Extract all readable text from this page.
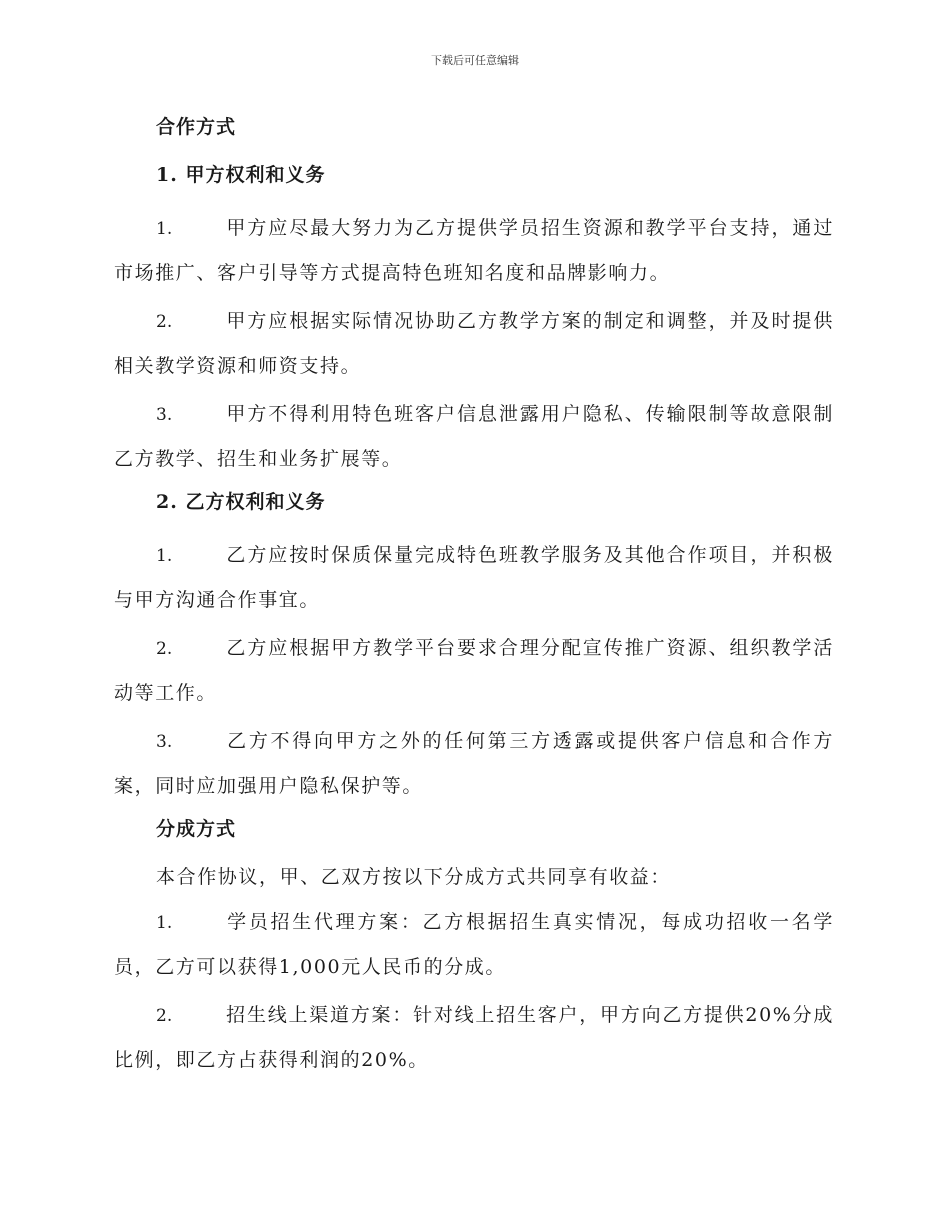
下载后可任意编辑
合作方式
1. 甲方权利和义务
1.	甲方应尽最大努力为乙方提供学员招生资源和教学平台支持，通过市场推广、客户引导等方式提高特色班知名度和品牌影响力。
2.	甲方应根据实际情况协助乙方教学方案的制定和调整，并及时提供相关教学资源和师资支持。
3.	甲方不得利用特色班客户信息泄露用户隐私、传输限制等故意限制乙方教学、招生和业务扩展等。
2. 乙方权利和义务
1.	乙方应按时保质保量完成特色班教学服务及其他合作项目，并积极与甲方沟通合作事宜。
2.	乙方应根据甲方教学平台要求合理分配宣传推广资源、组织教学活动等工作。
3.	乙方不得向甲方之外的任何第三方透露或提供客户信息和合作方案，同时应加强用户隐私保护等。
分成方式
本合作协议，甲、乙双方按以下分成方式共同享有收益：
1.	学员招生代理方案：乙方根据招生真实情况，每成功招收一名学员，乙方可以获得1,000元人民币的分成。
2.	招生线上渠道方案：针对线上招生客户，甲方向乙方提供20%分成比例，即乙方占获得利润的20%。
